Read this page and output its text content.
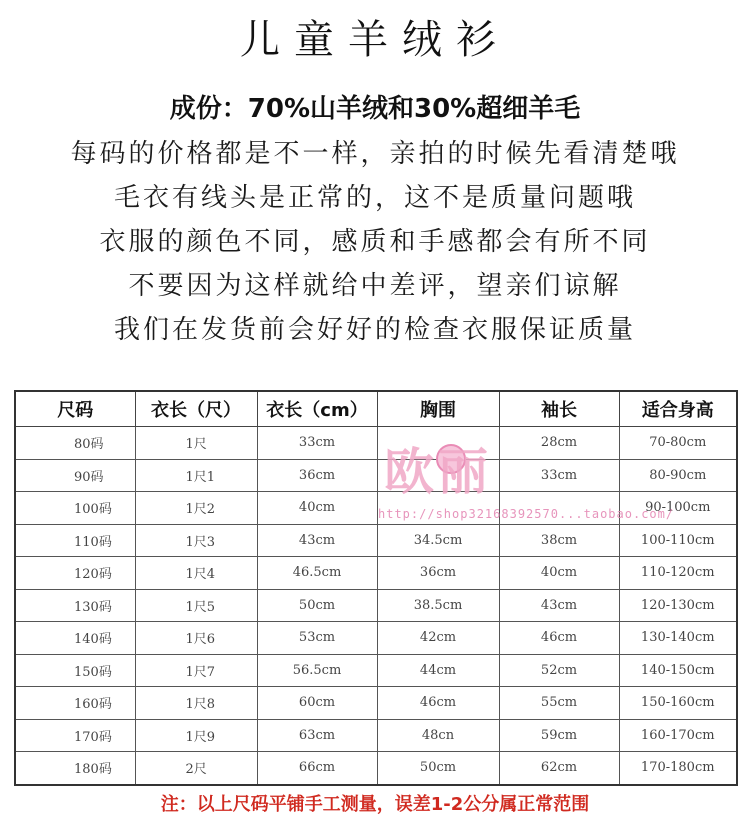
儿童羊绒衫
成份：70%山羊绒和30%超细羊毛
每码的价格都是不一样，亲拍的时候先看清楚哦
毛衣有线头是正常的，这不是质量问题哦
衣服的颜色不同，感质和手感都会有所不同
不要因为这样就给中差评，望亲们谅解
我们在发货前会好好的检查衣服保证质量
尺码	衣长（尺）	衣长（cm）	胸围	袖长	适合身高
80码	1尺	33cm		28cm	70-80cm
90码	1尺1	36cm		33cm	80-90cm
100码	1尺2	40cm			90-100cm
110码	1尺3	43cm	34.5cm	38cm	100-110cm
120码	1尺4	46.5cm	36cm	40cm	110-120cm
130码	1尺5	50cm	38.5cm	43cm	120-130cm
140码	1尺6	53cm	42cm	46cm	130-140cm
150码	1尺7	56.5cm	44cm	52cm	140-150cm
160码	1尺8	60cm	46cm	55cm	150-160cm
170码	1尺9	63cm	48cn	59cm	160-170cm
180码	2尺	66cm	50cm	62cm	170-180cm
欧丽
http://shop32168392570...taobao.com/
注：以上尺码平铺手工测量，误差1-2公分属正常范围
